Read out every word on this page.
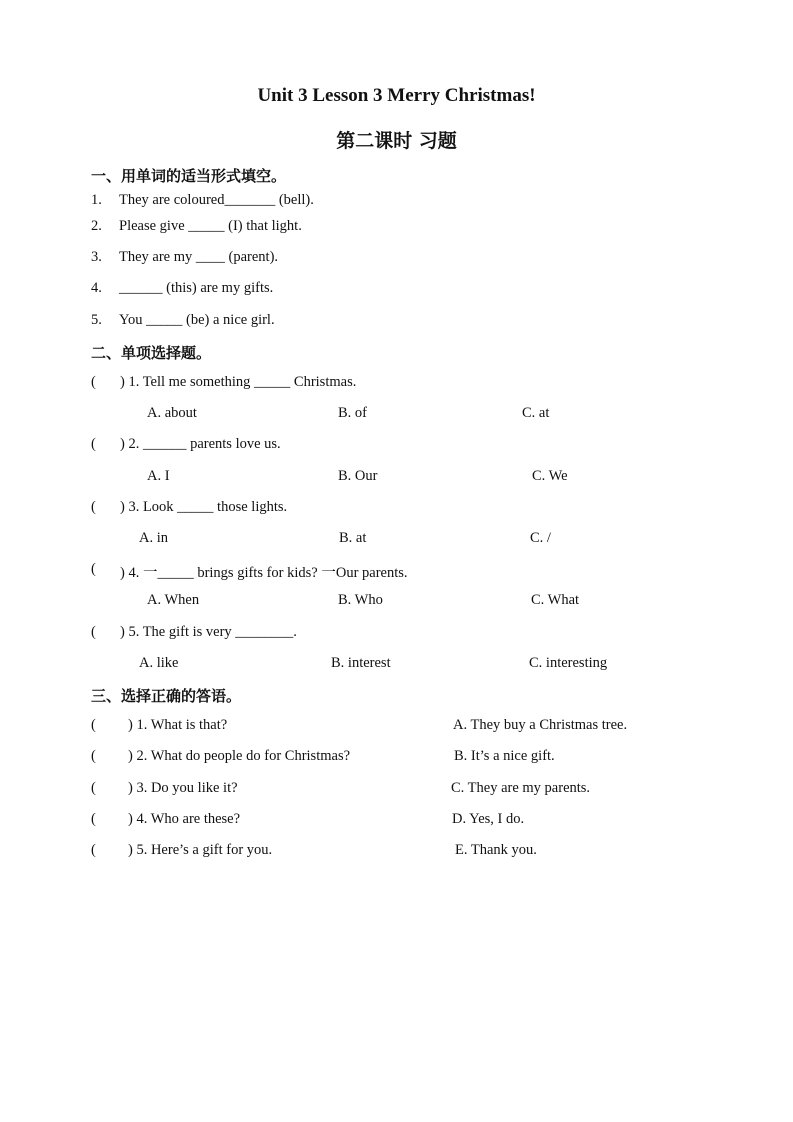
Unit 3 Lesson 3 Merry Christmas!
第二课时 习题
一、用单词的适当形式填空。
1. They are coloured_______ (bell).
2. Please give _____ (I) that light.
3. They are my ____ (parent).
4. ______ (this) are my gifts.
5. You _____ (be) a nice girl.
二、单项选择题。
( ) 1. Tell me something _____ Christmas.
A. about	B. of	C. at
( ) 2. ______ parents love us.
A. I	B. Our	C. We
( ) 3. Look _____ those lights.
A. in	B. at	C. /
( ) 4. 一_____ brings gifts for kids? 一Our parents.
A. When	B. Who	C. What
( ) 5. The gift is very ________.
A. like	B. interest	C. interesting
三、选择正确的答语。
( ) 1. What is that?	A. They buy a Christmas tree.
( ) 2. What do people do for Christmas?	B. It’s a nice gift.
( ) 3. Do you like it?	C. They are my parents.
( ) 4. Who are these?	D. Yes, I do.
( ) 5. Here’s a gift for you.	E. Thank you.
